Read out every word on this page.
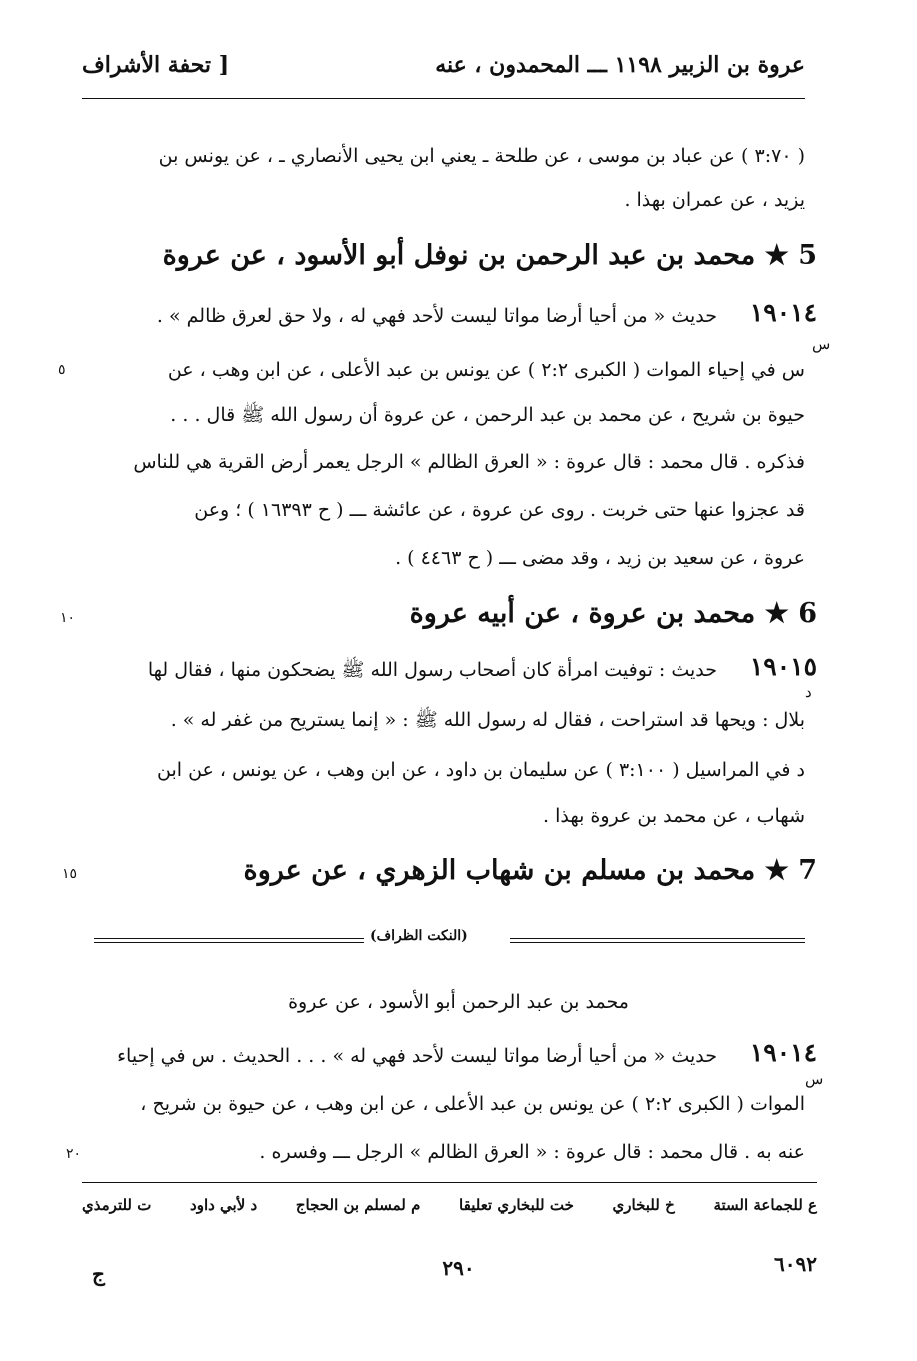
عروة بن الزبير ١١٩٨ ـــ المحمدون ، عنه
[ تحفة الأشراف
( ٣:٧٠ ) عن عباد بن موسى ، عن طلحة ـ يعني ابن يحيى الأنصاري ـ ، عن يونس بن
يزيد ، عن عمران بهذا .
5 ★ محمد بن عبد الرحمن بن نوفل أبو الأسود ، عن عروة
١٩٠١٤
حديث « من أحيا أرضا مواتا ليست لأحد فهي له ، ولا حق لعرق ظالم » .
س
س في إحياء الموات ( الكبرى ٢:٢ ) عن يونس بن عبد الأعلى ، عن ابن وهب ، عن
حيوة بن شريح ، عن محمد بن عبد الرحمن ، عن عروة أن رسول الله ﷺ قال . . .
فذكره . قال محمد : قال عروة : « العرق الظالم » الرجل يعمر أرض القرية هي للناس
قد عجزوا عنها حتى خربت . روى عن عروة ، عن عائشة ـــ ( ح ١٦٣٩٣ ) ؛ وعن
عروة ، عن سعيد بن زيد ، وقد مضى ـــ ( ح ٤٤٦٣ ) .
6 ★ محمد بن عروة ، عن أبيه عروة
١٩٠١٥
حديث : توفيت امرأة كان أصحاب رسول الله ﷺ يضحكون منها ، فقال لها
د
بلال : ويحها قد استراحت ، فقال له رسول الله ﷺ : « إنما يستريح من غفر له » .
د في المراسيل ( ٣:١٠٠ ) عن سليمان بن داود ، عن ابن وهب ، عن يونس ، عن ابن
شهاب ، عن محمد بن عروة بهذا .
7 ★ محمد بن مسلم بن شهاب الزهري ، عن عروة
٥
١٠
١٥
٢٠
(النكت الظراف)
محمد بن عبد الرحمن أبو الأسود ، عن عروة
١٩٠١٤
حديث « من أحيا أرضا مواتا ليست لأحد فهي له » . . . الحديث . س في إحياء
س
الموات ( الكبرى ٢:٢ ) عن يونس بن عبد الأعلى ، عن ابن وهب ، عن حيوة بن شريح ،
عنه به . قال محمد : قال عروة : « العرق الظالم » الرجل ـــ وفسره .
ع للجماعة الستة
خ للبخاري
خت للبخاري تعليقا
م لمسلم بن الحجاج
د لأبي داود
ت للترمذي
٦٠٩٢
٢٩٠
ج
